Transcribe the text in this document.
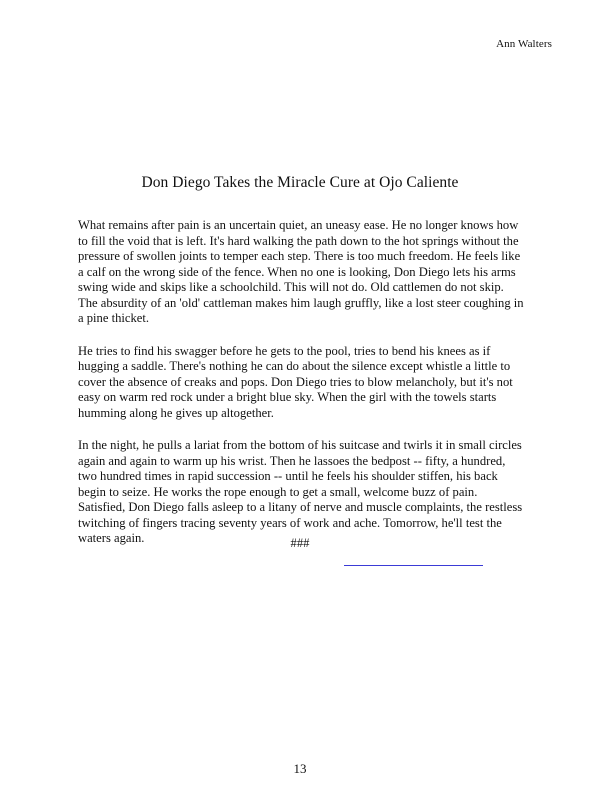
Ann Walters
Don Diego Takes the Miracle Cure at Ojo Caliente

What remains after pain is an uncertain quiet, an uneasy ease. He no longer knows how to fill the void that is left. It's hard walking the path down to the hot springs without the pressure of swollen joints to temper each step. There is too much freedom. He feels like a calf on the wrong side of the fence. When no one is looking, Don Diego lets his arms swing wide and skips like a schoolchild. This will not do. Old cattlemen do not skip. The absurdity of an 'old' cattleman makes him laugh gruffly, like a lost steer coughing in a pine thicket.

He tries to find his swagger before he gets to the pool, tries to bend his knees as if hugging a saddle. There's nothing he can do about the silence except whistle a little to cover the absence of creaks and pops. Don Diego tries to blow melancholy, but it's not easy on warm red rock under a bright blue sky. When the girl with the towels starts humming along he gives up altogether.

In the night, he pulls a lariat from the bottom of his suitcase and twirls it in small circles again and again to warm up his wrist. Then he lassoes the bedpost -- fifty, a hundred, two hundred times in rapid succession -- until he feels his shoulder stiffen, his back begin to seize. He works the rope enough to get a small, welcome buzz of pain. Satisfied, Don Diego falls asleep to a litany of nerve and muscle complaints, the restless twitching of fingers tracing seventy years of work and ache. Tomorrow, he'll test the waters again.	###
13
